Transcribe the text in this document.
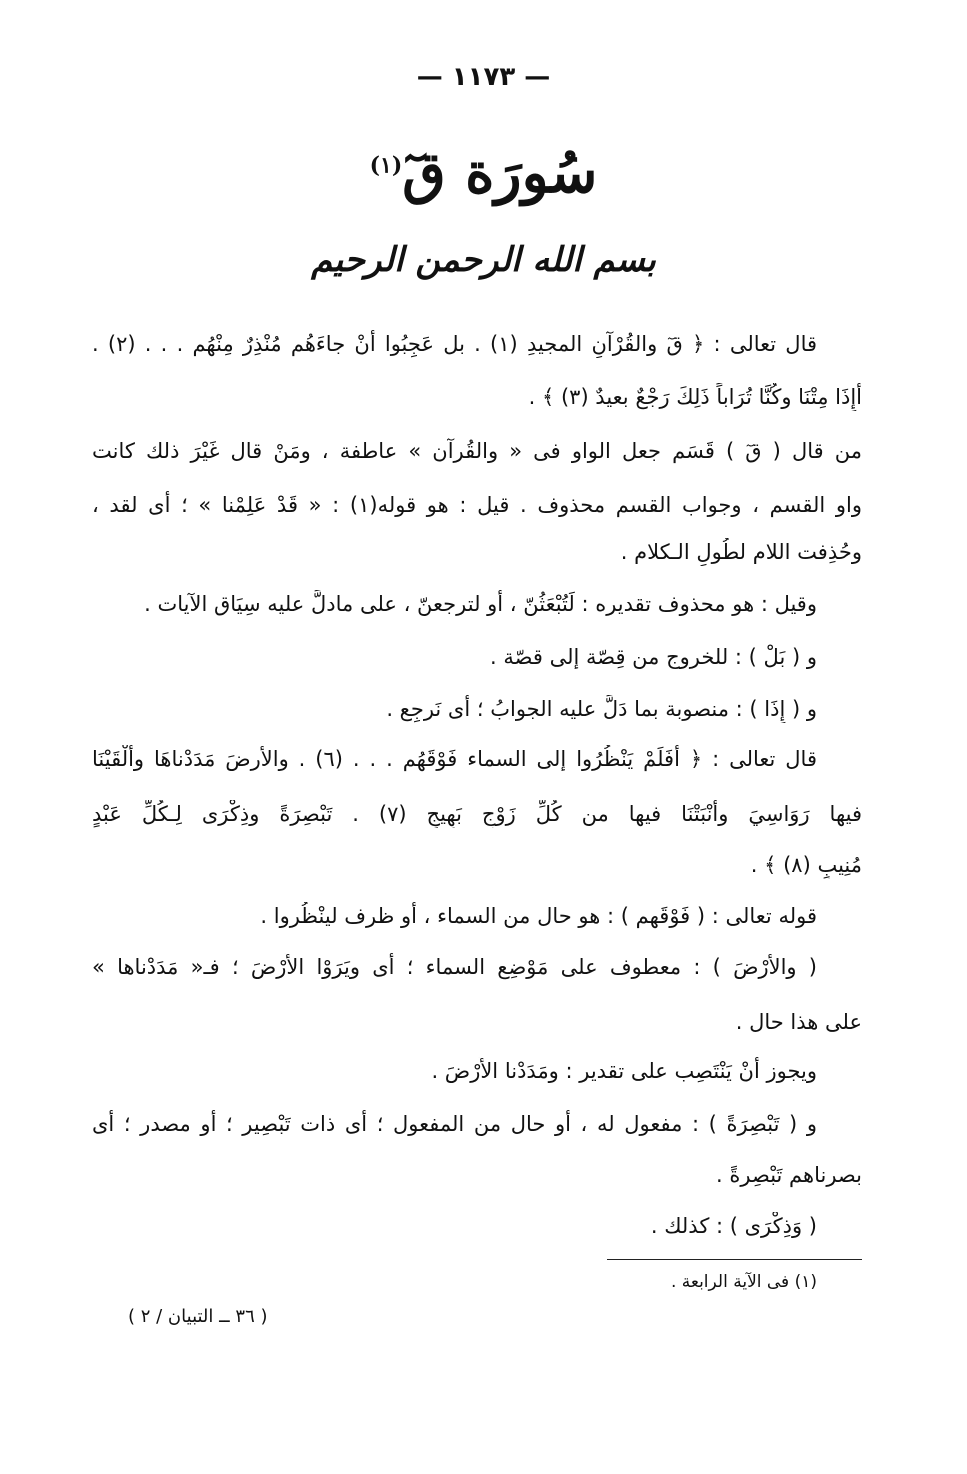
— ١١٧٣ —
سُورَة قٓ$^{(١)}$
بسم الله الرحمن الرحيم
قال تعالى : ﴿ قٓ والقُرْآنِ المجيدِ (١) . بل عَجِبُوا أنْ جاءَهُم مُنْذِرٌ مِنْهُم . . . (٢) .
أَإِذَا مِتْنَا وكُنَّا تُرَاباً ذَلِكَ رَجْعٌ بعيدٌ (٣) ﴾ .
من قال ( قٓ ) قَسَم جعل الواو فى « والقُرآن » عاطفة ، ومَنْ قال غَيْرَ ذلك كانت
واو القسم ، وجواب القسم محذوف . قيل : هو قوله(١) : « قَدْ عَلِمْنا » ؛ أى لقد ،
وحُذِفت اللام لطُولِ الـكلام .
وقيل : هو محذوف تقديره : لَتُبْعَثُنّ ، أو لترجعنّ ، على مادلَّ عليه سِيَاق الآيات .
و ( بَلْ ) : للخروج من قِصّة إلى قصّة .
و ( إِذَا ) : منصوبة بما دَلَّ عليه الجوابُ ؛ أى نَرجِع .
قال تعالى : ﴿ أَفَلَمْ يَنْظُرُوا إلى السماء فَوْقَهُم . . . (٦) . والأرضَ مَدَدْناهَا وأَلْقَيْنَا
فيها رَوَاسِيَ وأَنْبَتْنَا فيها من كُلِّ زَوْجٍ بَهِيجٍ (٧) . تَبْصِرَةً وذِكْرَى لِـكُلِّ عَبْدٍ
مُنِيبٍ (٨) ﴾ .
قوله تعالى : ( فَوْقَهم ) : هو حال من السماء ، أو ظرف لينْظُروا .
( والأرْضَ ) : معطوف على مَوْضِع السماء ؛ أى ويَرَوْا الأَرْضَ ؛ فـ« مَدَدْناها »
على هذا حال .
ويجوز أنْ يَنْتَصِب على تقدير : ومَدَدْنا الأَرْضَ .
و ( تَبْصِرَةً ) : مفعول له ، أو حال من المفعول ؛ أى ذات تَبْصِير ؛ أو مصدر ؛ أى
بصرناهم تَبْصِرةً .
( وَذِكْرَى ) : كذلك .
(١) فى الآية الرابعة .
( ٣٦ ــ التبيان / ٢ )
